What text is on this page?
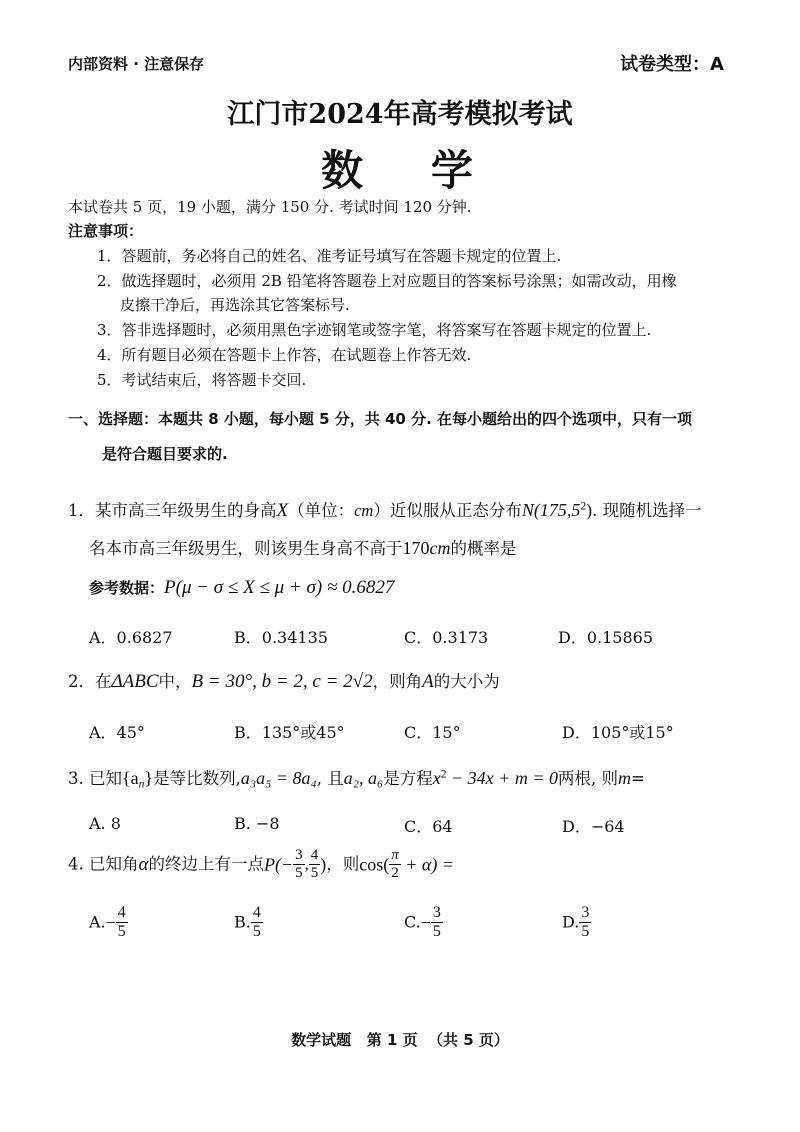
内部资料 · 注意保存	试卷类型：A
江门市2024年高考模拟考试
数   学
本试卷共 5 页，19 小题，满分 150 分. 考试时间 120 分钟.
注意事项：
1．答题前，务必将自己的姓名、准考证号填写在答题卡规定的位置上.
2．做选择题时，必须用 2B 铅笔将答题卷上对应题目的答案标号涂黑；如需改动，用橡
皮擦干净后，再选涂其它答案标号.
3．答非选择题时，必须用黑色字迹钢笔或签字笔，将答案写在答题卡规定的位置上.
4．所有题目必须在答题卡上作答，在试题卷上作答无效.
5．考试结束后，将答题卡交回.
一、选择题：本题共 8 小题，每小题 5 分，共 40 分. 在每小题给出的四个选项中，只有一项
是符合题目要求的.
1．某市高三年级男生的身高X（单位：cm）近似服从正态分布N(175,5$^2$). 现随机选择一
名本市高三年级男生，则该男生身高不高于170cm的概率是
参考数据：P(μ − σ ≤ X ≤ μ + σ) ≈ 0.6827
A．0.6827	B．0.34135	C．0.3173	D．0.15865
2．在ΔABC中，B = 30°, b = 2, c = 2√2，则角A的大小为
A．45°	B．135°或45°	C．15°	D．105°或15°
3. 已知$\{a_n\}$是等比数列,a₃a₅ = 8a₄, 且a₂, a₆是方程$x^2 - 34x + m = 0$两根, 则m=
A. 8	B. −8	C．64	D．−64
4. 已知角α的终边上有一点$P(- \frac{3}{5}$ , $\frac{4}{5}$ )，则$\cos( \frac{\pi}{2} + \alpha)$ =
$A.- \frac{4}{5}$	B. $\frac{4}{5}$	$C.- \frac{3}{5}$	D. $\frac{3}{5}$
数学试题   第 1 页  （共 5 页）
